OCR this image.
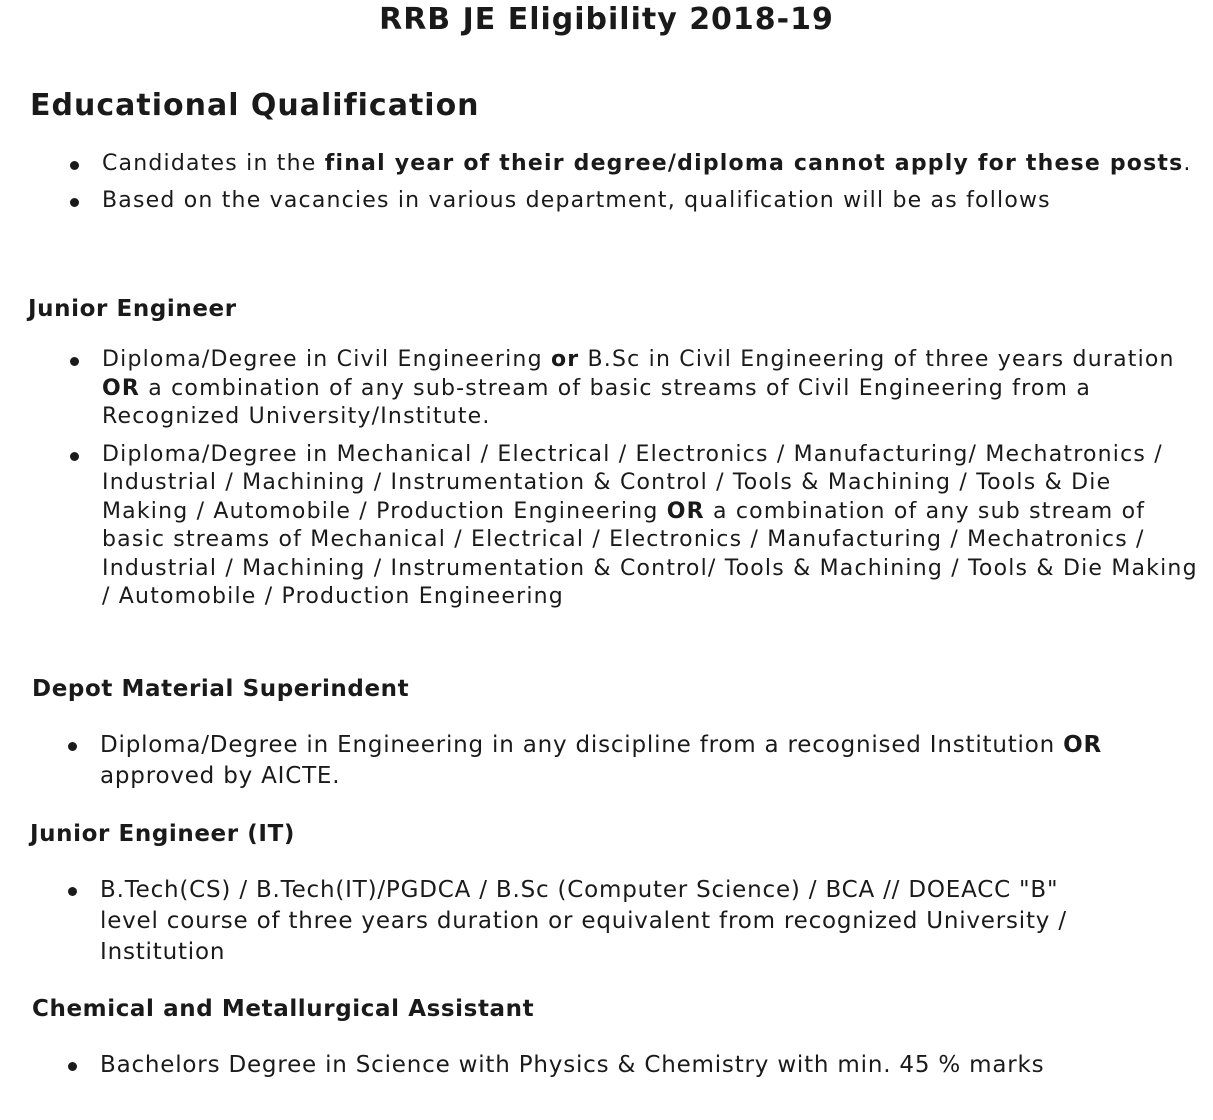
RRB JE Eligibility 2018-19
Educational Qualification
Candidates in the final year of their degree/diploma cannot apply for these posts.
Based on the vacancies in various department, qualification will be as follows
Junior Engineer
Diploma/Degree in Civil Engineering or B.Sc in Civil Engineering of three years duration OR a combination of any sub-stream of basic streams of Civil Engineering from a Recognized University/Institute.
Diploma/Degree in Mechanical / Electrical / Electronics / Manufacturing/ Mechatronics / Industrial / Machining / Instrumentation & Control / Tools & Machining / Tools & Die Making / Automobile / Production Engineering OR a combination of any sub stream of basic streams of Mechanical / Electrical / Electronics / Manufacturing / Mechatronics / Industrial / Machining / Instrumentation & Control/ Tools & Machining / Tools & Die Making / Automobile / Production Engineering
Depot Material Superindent
Diploma/Degree in Engineering in any discipline from a recognised Institution OR approved by AICTE.
Junior Engineer (IT)
B.Tech(CS) / B.Tech(IT)/PGDCA / B.Sc (Computer Science) / BCA // DOEACC "B" level course of three years duration or equivalent from recognized University / Institution
Chemical and Metallurgical Assistant
Bachelors Degree in Science with Physics & Chemistry with min. 45 % marks
